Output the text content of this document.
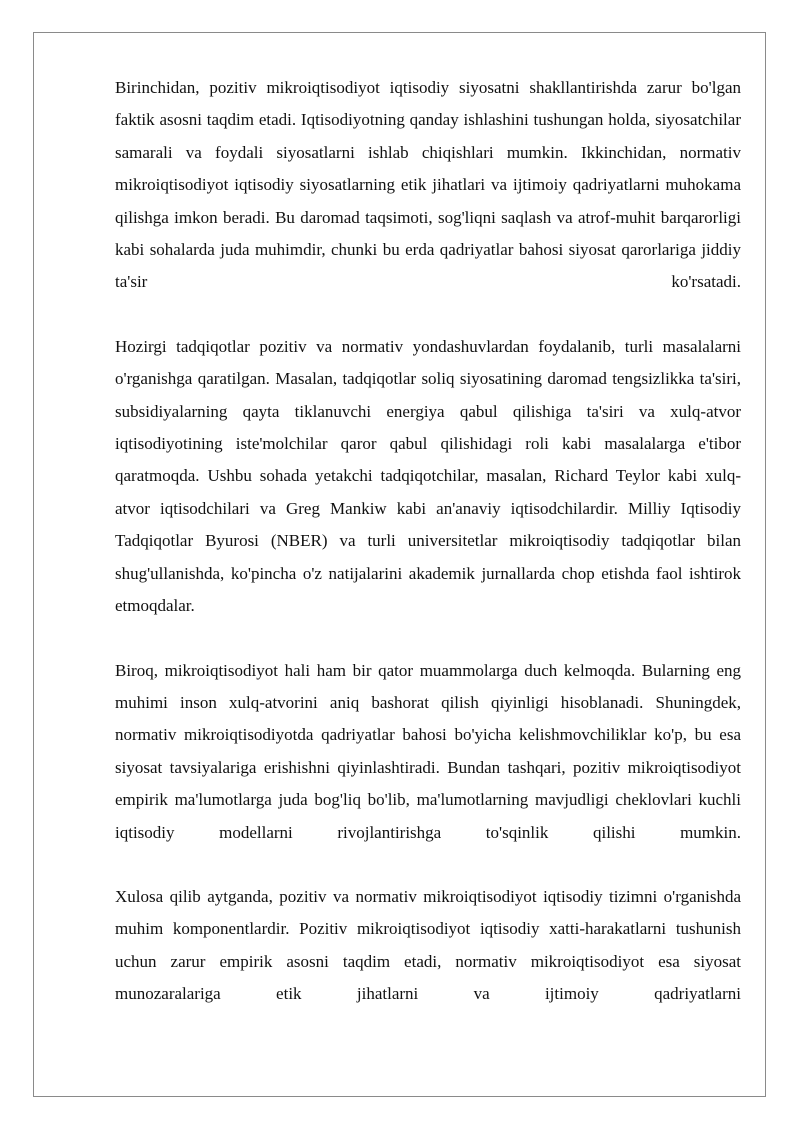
Birinchidan, pozitiv mikroiqtisodiyot iqtisodiy siyosatni shakllantirishda zarur bo'lgan faktik asosni taqdim etadi. Iqtisodiyotning qanday ishlashini tushungan holda, siyosatchilar samarali va foydali siyosatlarni ishlab chiqishlari mumkin. Ikkinchidan, normativ mikroiqtisodiyot iqtisodiy siyosatlarning etik jihatlari va ijtimoiy qadriyatlarni muhokama qilishga imkon beradi. Bu daromad taqsimoti, sog'liqni saqlash va atrof-muhit barqarorligi kabi sohalarda juda muhimdir, chunki bu erda qadriyatlar bahosi siyosat qarorlariga jiddiy ta'sir ko'rsatadi.

Hozirgi tadqiqotlar pozitiv va normativ yondashuvlardan foydalanib, turli masalalarni o'rganishga qaratilgan. Masalan, tadqiqotlar soliq siyosatining daromad tengsizlikka ta'siri, subsidiyalarning qayta tiklanuvchi energiya qabul qilishiga ta'siri va xulq-atvor iqtisodiyotining iste'molchilar qaror qabul qilishidagi roli kabi masalalarga e'tibor qaratmoqda. Ushbu sohada yetakchi tadqiqotchilar, masalan, Richard Teylor kabi xulq-atvor iqtisodchilari va Greg Mankiw kabi an'anaviy iqtisodchilardir. Milliy Iqtisodiy Tadqiqotlar Byurosi (NBER) va turli universitetlar mikroiqtisodiy tadqiqotlar bilan shug'ullanishda, ko'pincha o'z natijalarini akademik jurnallarda chop etishda faol ishtirok etmoqdalar.

Biroq, mikroiqtisodiyot hali ham bir qator muammolarga duch kelmoqda. Bularning eng muhimi inson xulq-atvorini aniq bashorat qilish qiyinligi hisoblanadi. Shuningdek, normativ mikroiqtisodiyotda qadriyatlar bahosi bo'yicha kelishmovchiliklar ko'p, bu esa siyosat tavsiyalariga erishishni qiyinlashtiradi. Bundan tashqari, pozitiv mikroiqtisodiyot empirik ma'lumotlarga juda bog'liq bo'lib, ma'lumotlarning mavjudligi cheklovlari kuchli iqtisodiy modellarni rivojlantirishga to'sqinlik qilishi mumkin.

Xulosa qilib aytganda, pozitiv va normativ mikroiqtisodiyot iqtisodiy tizimni o'rganishda muhim komponentlardir. Pozitiv mikroiqtisodiyot iqtisodiy xatti-harakatlarni tushunish uchun zarur empirik asosni taqdim etadi, normativ mikroiqtisodiyot esa siyosat munozaralariga etik jihatlarni va ijtimoiy qadriyatlarni
